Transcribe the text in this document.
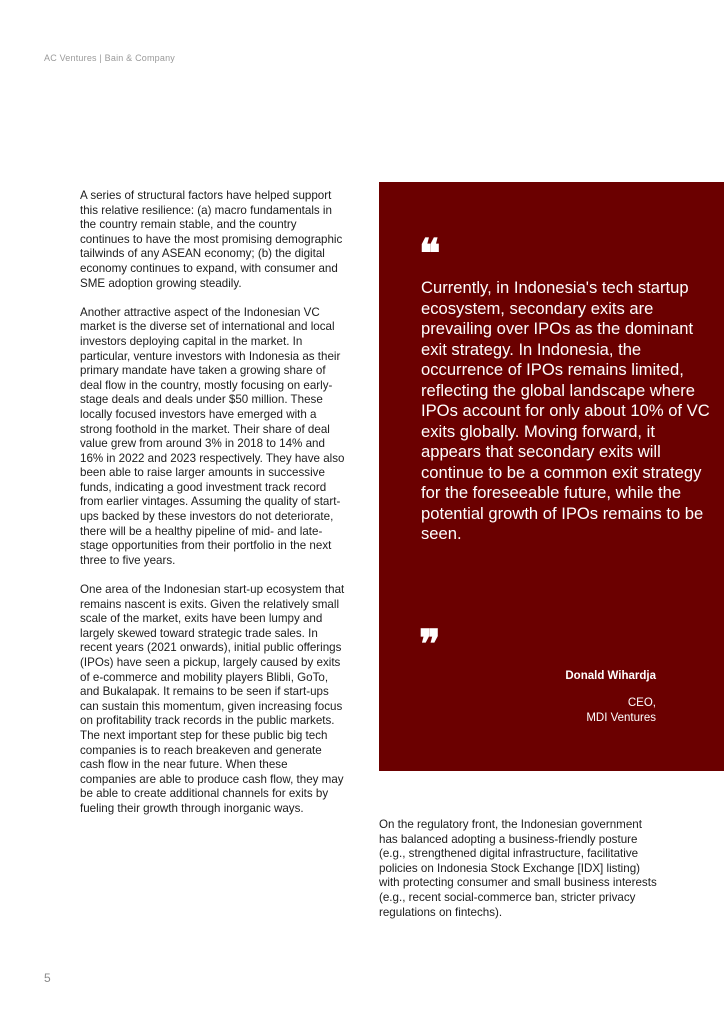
AC Ventures | Bain & Company

A series of structural factors have helped support this relative resilience: (a) macro fundamentals in the country remain stable, and the country continues to have the most promising demographic tailwinds of any ASEAN economy; (b) the digital economy continues to expand, with consumer and SME adoption growing steadily.

Another attractive aspect of the Indonesian VC market is the diverse set of international and local investors deploying capital in the market. In particular, venture investors with Indonesia as their primary mandate have taken a growing share of deal flow in the country, mostly focusing on early-stage deals and deals under $50 million. These locally focused investors have emerged with a strong foothold in the market. Their share of deal value grew from around 3% in 2018 to 14% and 16% in 2022 and 2023 respectively. They have also been able to raise larger amounts in successive funds, indicating a good investment track record from earlier vintages. Assuming the quality of start-ups backed by these investors do not deteriorate, there will be a healthy pipeline of mid- and late-stage opportunities from their portfolio in the next three to five years.

One area of the Indonesian start-up ecosystem that remains nascent is exits. Given the relatively small scale of the market, exits have been lumpy and largely skewed toward strategic trade sales. In recent years (2021 onwards), initial public offerings (IPOs) have seen a pickup, largely caused by exits of e-commerce and mobility players Blibli, GoTo, and Bukalapak. It remains to be seen if start-ups can sustain this momentum, given increasing focus on profitability track records in the public markets. The next important step for these public big tech companies is to reach breakeven and generate cash flow in the near future. When these companies are able to produce cash flow, they may be able to create additional channels for exits by fueling their growth through inorganic ways.

❝
Currently, in Indonesia's tech startup ecosystem, secondary exits are prevailing over IPOs as the dominant exit strategy. In Indonesia, the occurrence of IPOs remains limited, reflecting the global landscape where IPOs account for only about 10% of VC exits globally. Moving forward, it appears that secondary exits will continue to be a common exit strategy for the foreseeable future, while the potential growth of IPOs remains to be seen.
❞
Donald Wihardja
CEO,
MDI Ventures

On the regulatory front, the Indonesian government has balanced adopting a business-friendly posture (e.g., strengthened digital infrastructure, facilitative policies on Indonesia Stock Exchange [IDX] listing) with protecting consumer and small business interests (e.g., recent social-commerce ban, stricter privacy regulations on fintechs).

5
